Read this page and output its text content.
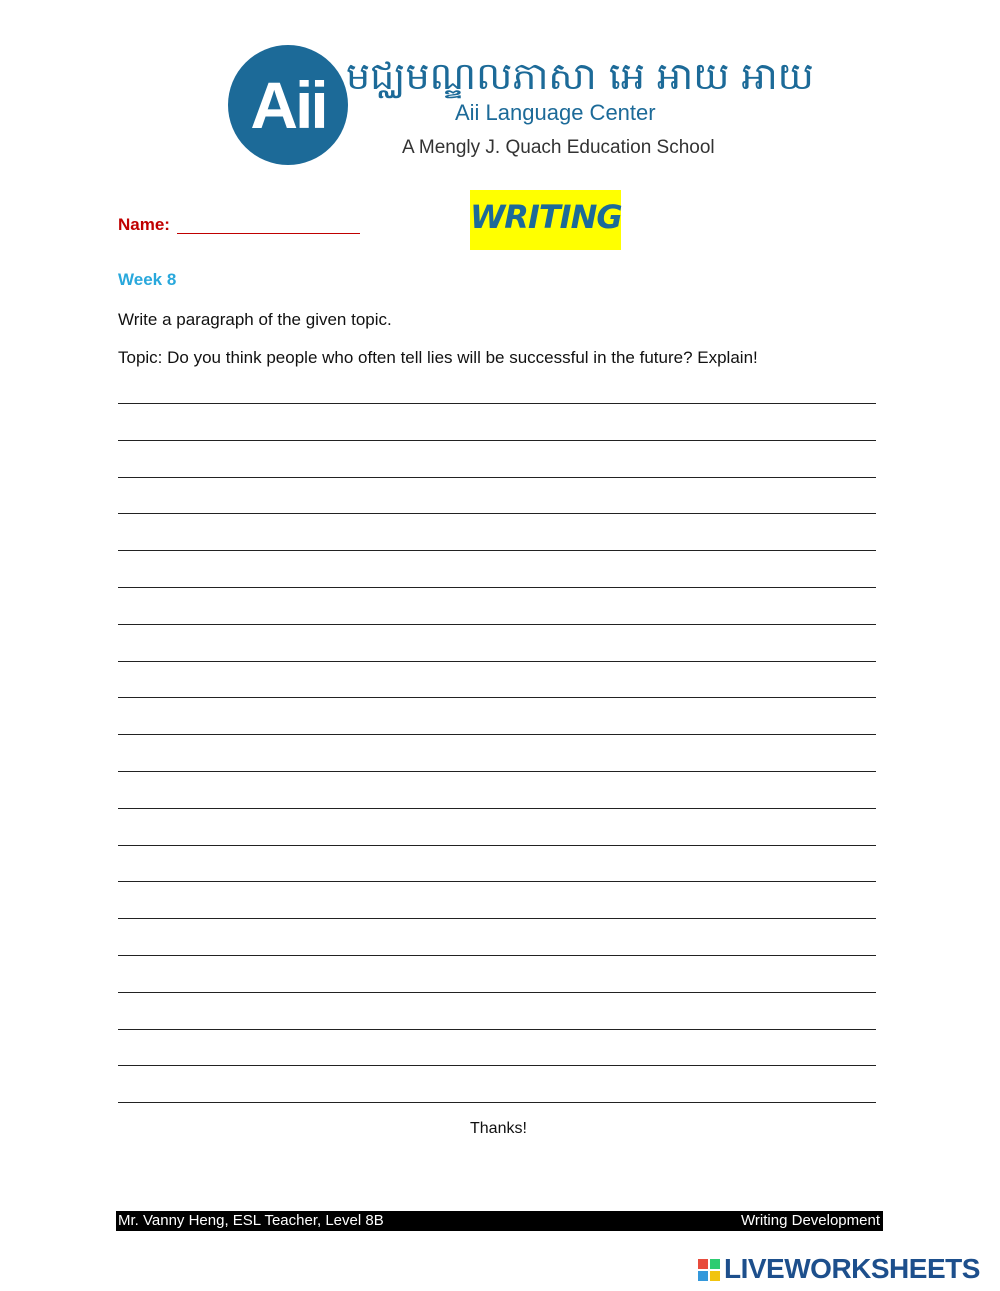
Aii មជ្ឈមណ្ឌលភាសា អេ អាយ អាយ
Aii Language Center
A Mengly J. Quach Education School
Name:	WRITING
Week 8
Write a paragraph of the given topic.
Topic: Do you think people who often tell lies will be successful in the future? Explain!
Thanks!
Mr. Vanny Heng, ESL Teacher, Level 8B	Writing Development
LIVEWORKSHEETS
